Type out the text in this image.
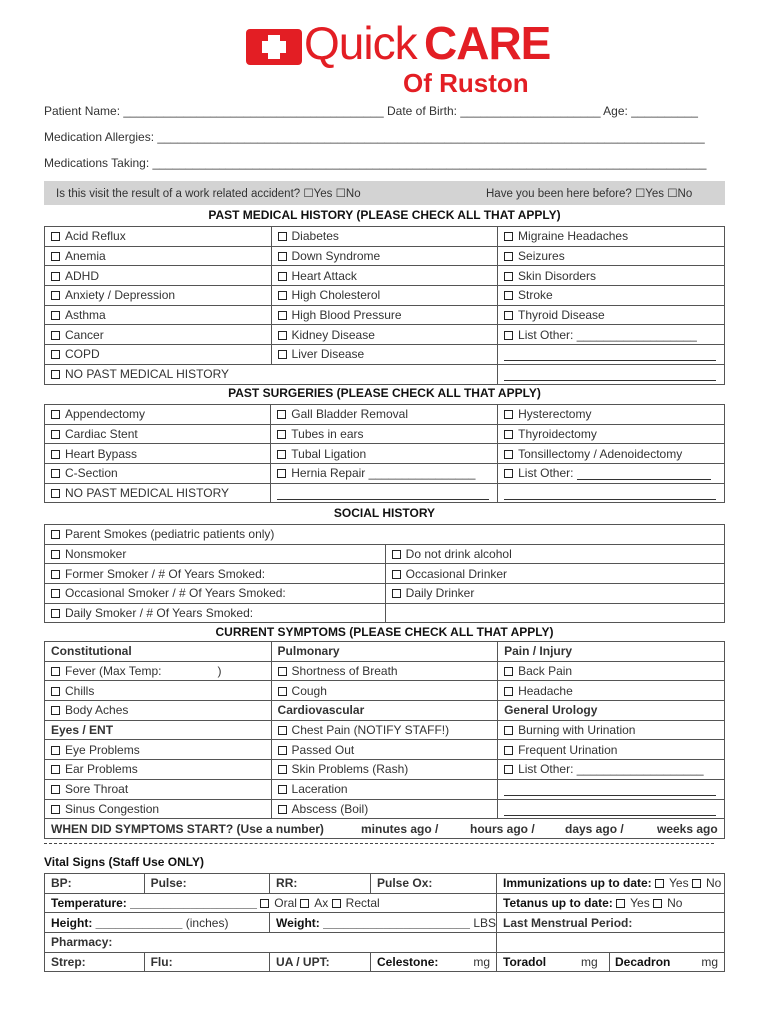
Quick CARE
Of Ruston
Patient Name: _______________________________________ Date of Birth: _____________________ Age: __________
Medication Allergies: __________________________________________________________________________________
Medications Taking: ___________________________________________________________________________________
Is this visit the result of a work related accident? ☐Yes ☐No	Have you been here before? ☐Yes ☐No
PAST MEDICAL HISTORY (PLEASE CHECK ALL THAT APPLY)
Acid Reflux	Diabetes	Migraine Headaches
Anemia	Down Syndrome	Seizures
ADHD	Heart Attack	Skin Disorders
Anxiety / Depression	High Cholesterol	Stroke
Asthma	High Blood Pressure	Thyroid Disease
Cancer	Kidney Disease	List Other: __________________
COPD	Liver Disease	
NO PAST MEDICAL HISTORY		
PAST SURGERIES (PLEASE CHECK ALL THAT APPLY)
Appendectomy	Gall Bladder Removal	Hysterectomy
Cardiac Stent	Tubes in ears	Thyroidectomy
Heart Bypass	Tubal Ligation	Tonsillectomy / Adenoidectomy
C-Section	Hernia Repair ________________	List Other:
NO PAST MEDICAL HISTORY		
SOCIAL HISTORY
Parent Smokes (pediatric patients only)	
Nonsmoker	Do not drink alcohol
Former Smoker / # Of Years Smoked:	Occasional Drinker
Occasional Smoker / # Of Years Smoked:	Daily Drinker
Daily Smoker / # Of Years Smoked:	
CURRENT SYMPTOMS (PLEASE CHECK ALL THAT APPLY)
Constitutional	Pulmonary	Pain / Injury
Fever (Max Temp: )	Shortness of Breath	Back Pain
Chills	Cough	Headache
Body Aches	Cardiovascular	General Urology
Eyes / ENT	Chest Pain (NOTIFY STAFF!)	Burning with Urination
Eye Problems	Passed Out	Frequent Urination
Ear Problems	Skin Problems (Rash)	List Other: ___________________
Sore Throat	Laceration	
Sinus Congestion	Abscess (Boil)	
WHEN DID SYMPTOMS START? (Use a number) minutes ago / hours ago / days ago / weeks ago		
Vital Signs (Staff Use ONLY)
BP:	Pulse:	RR:	Pulse Ox:	Immunizations up to date: Yes No
Temperature: ___________________ Oral Ax Rectal				Tetanus up to date: Yes No
Height: _____________ (inches)		Weight: ______________________ LBS		Last Menstrual Period:
Pharmacy:				
Strep:	Flu:	UA / UPT:	Celestone: mg	Toradol mg Decadron mg
